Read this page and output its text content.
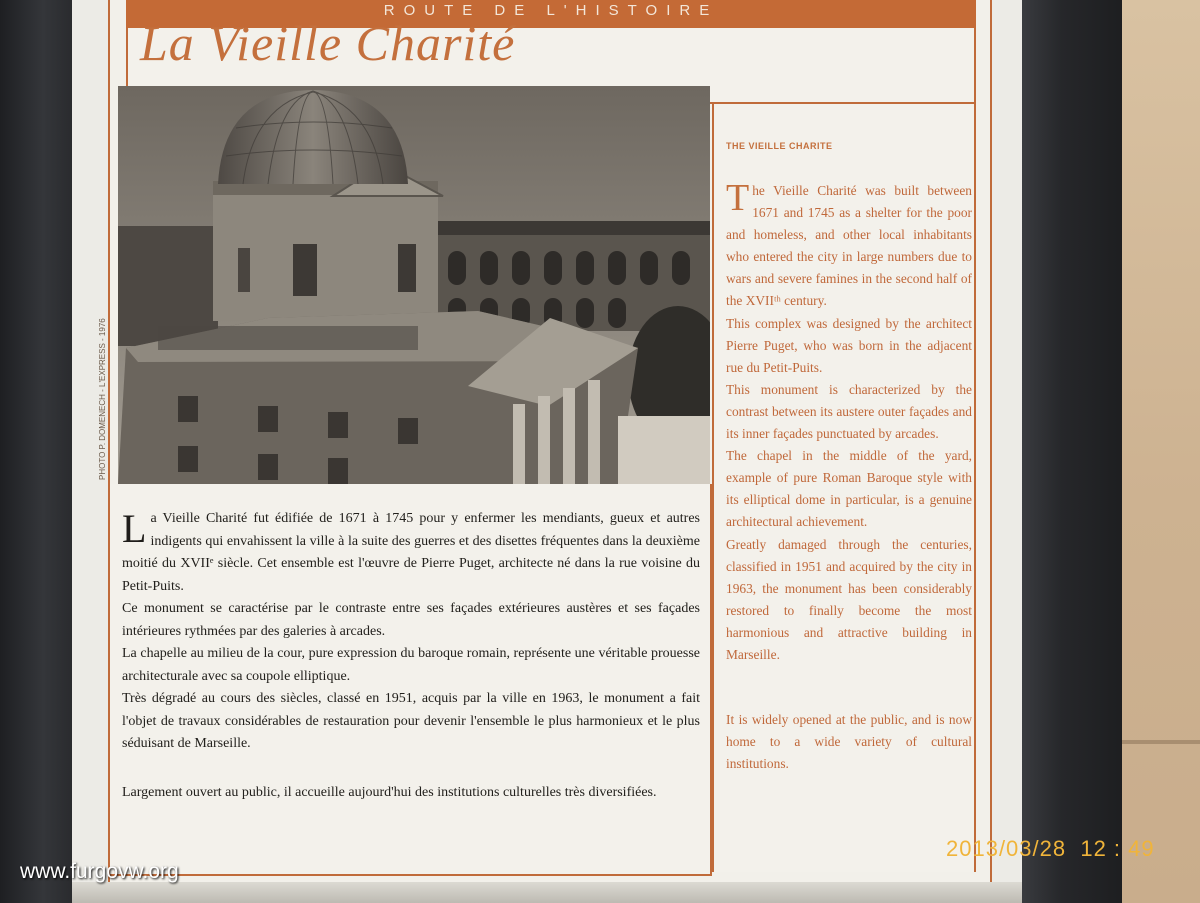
ROUTE DE L'HISTOIRE
La Vieille Charité
PHOTO P. DOMENECH - L'EXPRESS - 1976

La Vieille Charité fut édifiée de 1671 à 1745 pour y enfermer les mendiants, gueux et autres indigents qui envahissent la ville à la suite des guerres et des disettes fréquentes dans la deuxième moitié du XVIIᵉ siècle. Cet ensemble est l'œuvre de Pierre Puget, architecte né dans la rue voisine du Petit-Puits.

Ce monument se caractérise par le contraste entre ses façades extérieures austères et ses façades intérieures rythmées par des galeries à arcades.

La chapelle au milieu de la cour, pure expression du baroque romain, représente une véritable prouesse architecturale avec sa coupole elliptique.

Très dégradé au cours des siècles, classé en 1951, acquis par la ville en 1963, le monument a fait l'objet de travaux considérables de restauration pour devenir l'ensemble le plus harmonieux et le plus séduisant de Marseille.

Largement ouvert au public, il accueille aujourd'hui des institutions culturelles très diversifiées.
THE VIEILLE CHARITE

The Vieille Charité was built between 1671 and 1745 as a shelter for the poor and homeless, and other local inhabitants who entered the city in large numbers due to wars and severe famines in the second half of the XVIIᵗʰ century.

This complex was designed by the architect Pierre Puget, who was born in the adjacent rue du Petit-Puits.

This monument is characterized by the contrast between its austere outer façades and its inner façades punctuated by arcades.

The chapel in the middle of the yard, example of pure Roman Baroque style with its elliptical dome in particular, is a genuine architectural achievement.

Greatly damaged through the centuries, classified in 1951 and acquired by the city in 1963, the monument has been considerably restored to finally become the most harmonious and attractive building in Marseille.

It is widely opened at the public, and is now home to a wide variety of cultural institutions.
www.furgovw.org
2013/03/28  12 : 49
